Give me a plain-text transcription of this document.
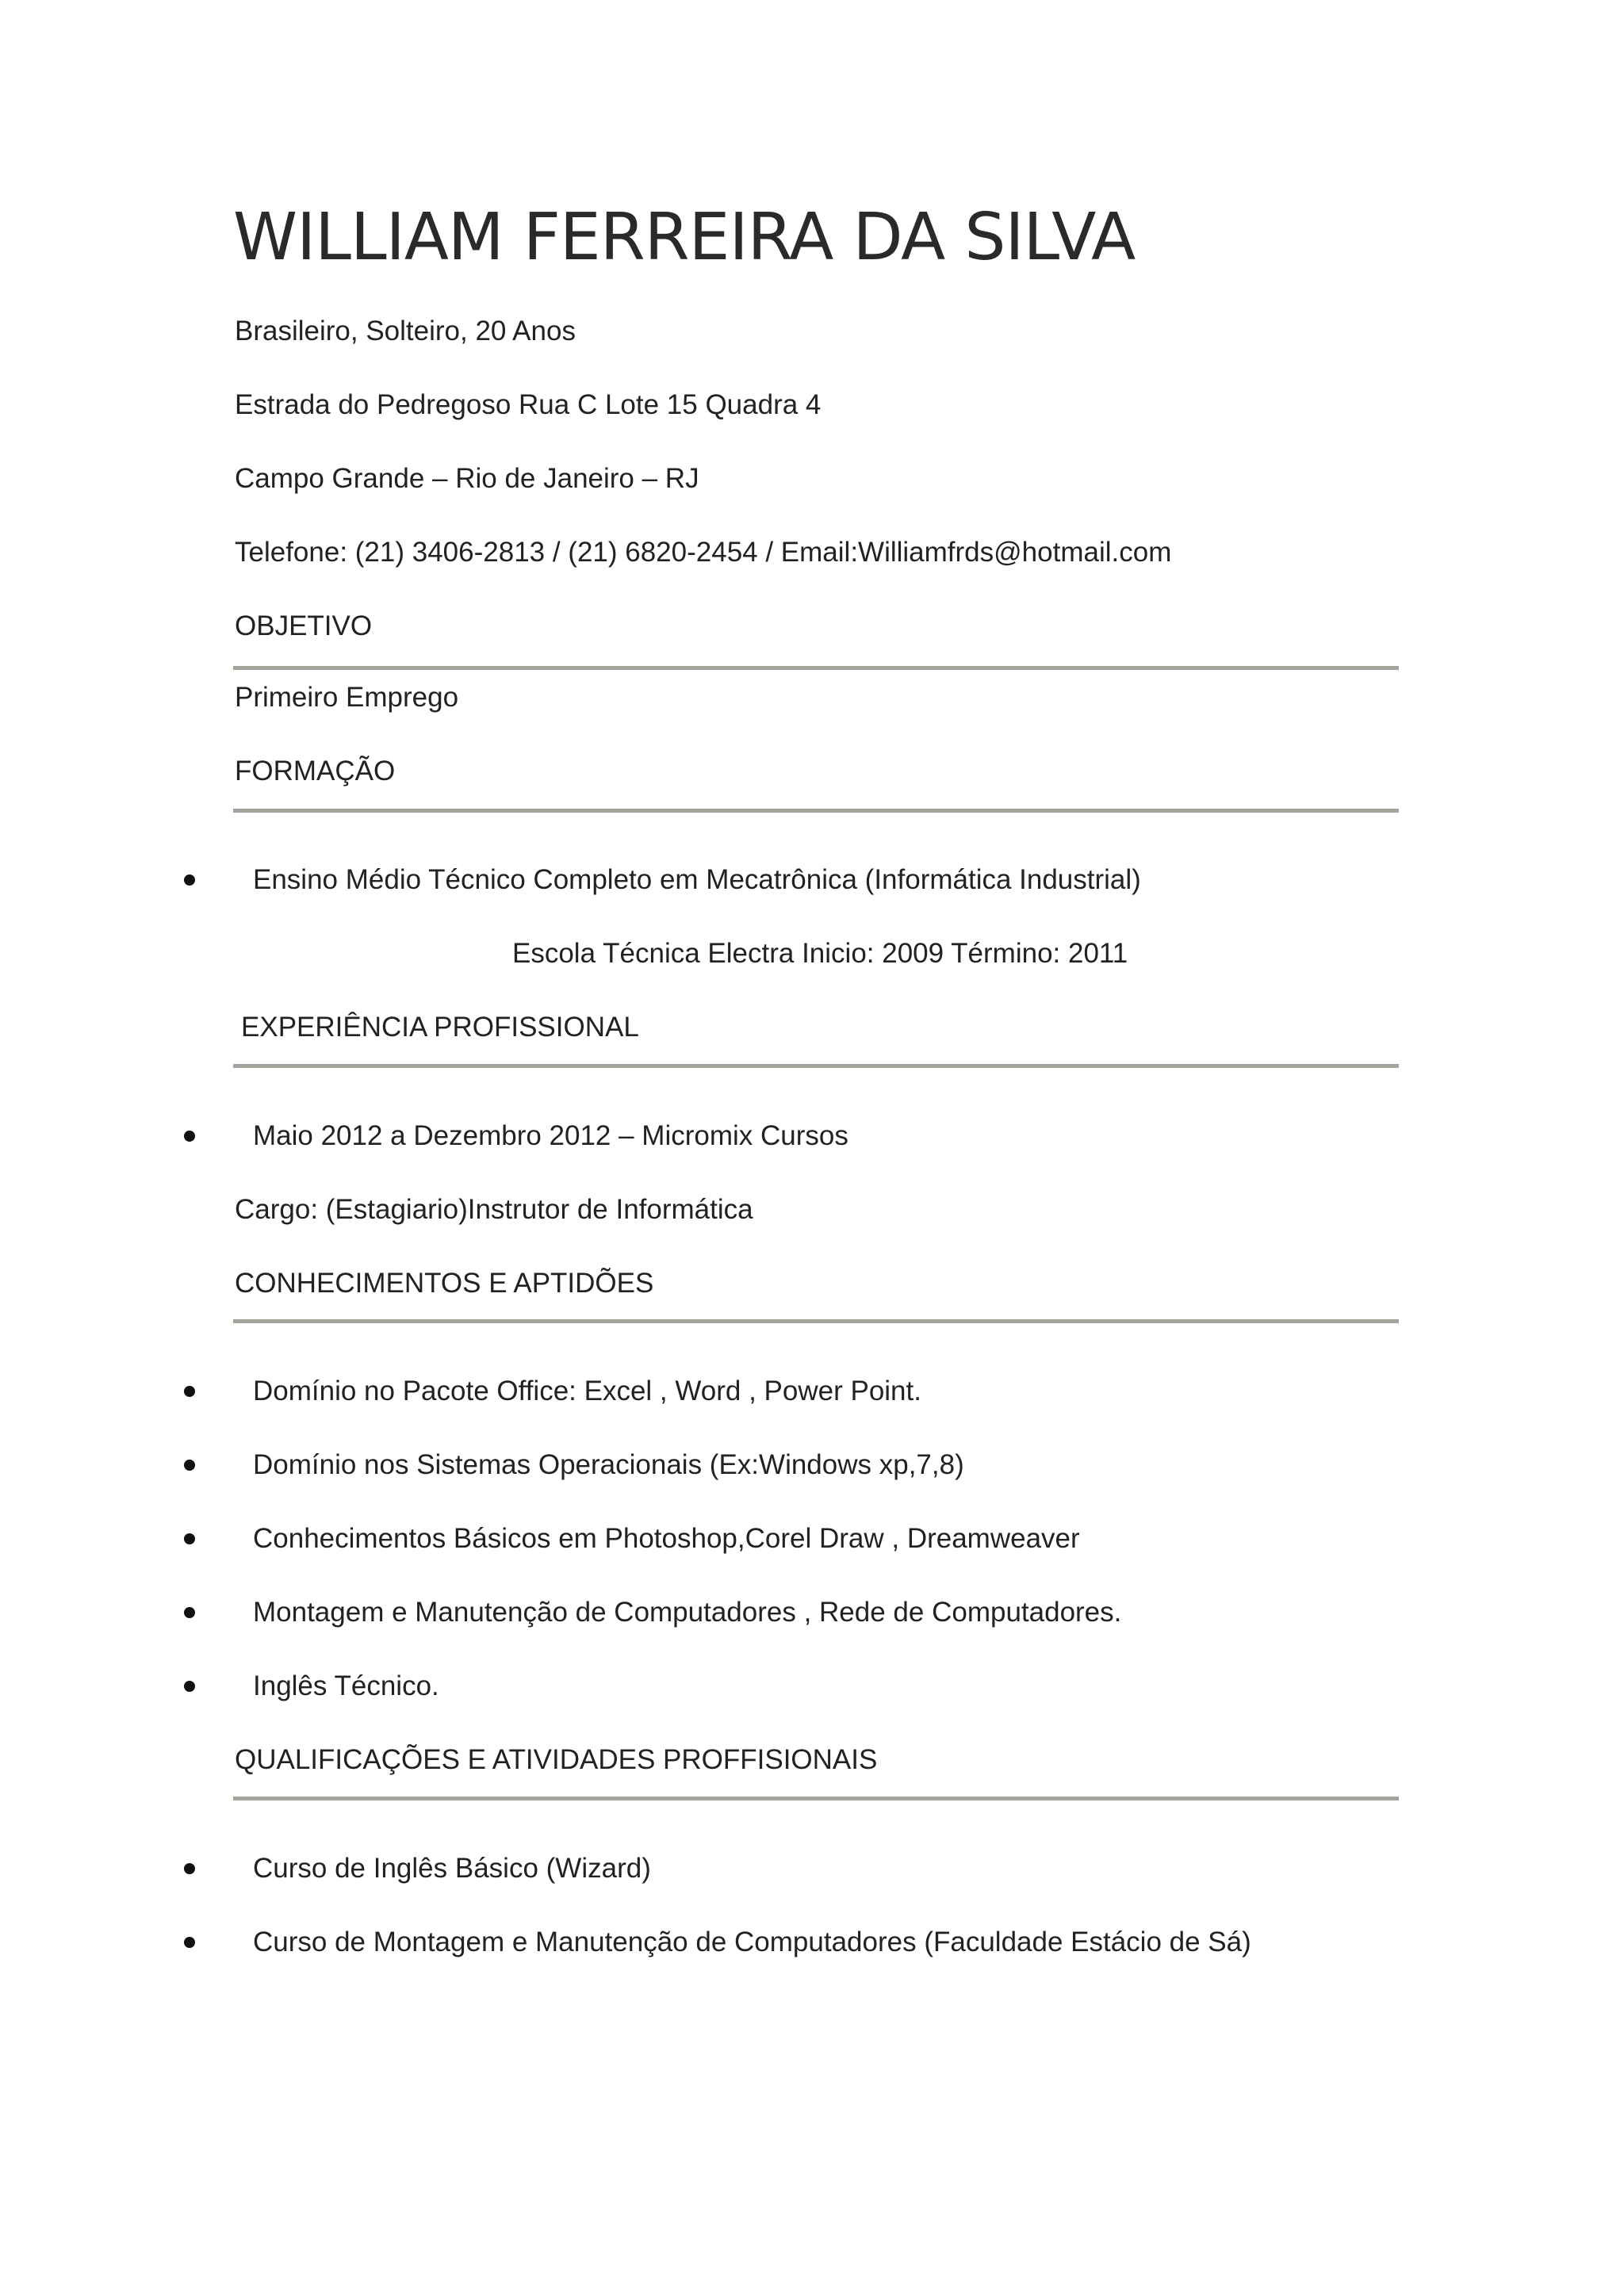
WILLIAM FERREIRA DA SILVA
Brasileiro, Solteiro, 20 Anos
Estrada do Pedregoso Rua C Lote 15 Quadra 4
Campo Grande – Rio de Janeiro – RJ
Telefone: (21) 3406-2813 / (21) 6820-2454 / Email:Williamfrds@hotmail.com
OBJETIVO
Primeiro Emprego
FORMAÇÃO
Ensino Médio Técnico Completo em Mecatrônica (Informática Industrial)
Escola Técnica Electra Inicio: 2009 Término: 2011
EXPERIÊNCIA PROFISSIONAL
Maio 2012 a Dezembro 2012 – Micromix Cursos
Cargo: (Estagiario)Instrutor de Informática
CONHECIMENTOS E APTIDÕES
Domínio no Pacote Office: Excel , Word , Power Point.
Domínio nos Sistemas Operacionais (Ex:Windows xp,7,8)
Conhecimentos Básicos em Photoshop,Corel Draw , Dreamweaver
Montagem e Manutenção de Computadores , Rede de Computadores.
Inglês Técnico.
QUALIFICAÇÕES E ATIVIDADES PROFFISIONAIS
Curso de Inglês Básico (Wizard)
Curso de Montagem e Manutenção de Computadores (Faculdade Estácio de Sá)
